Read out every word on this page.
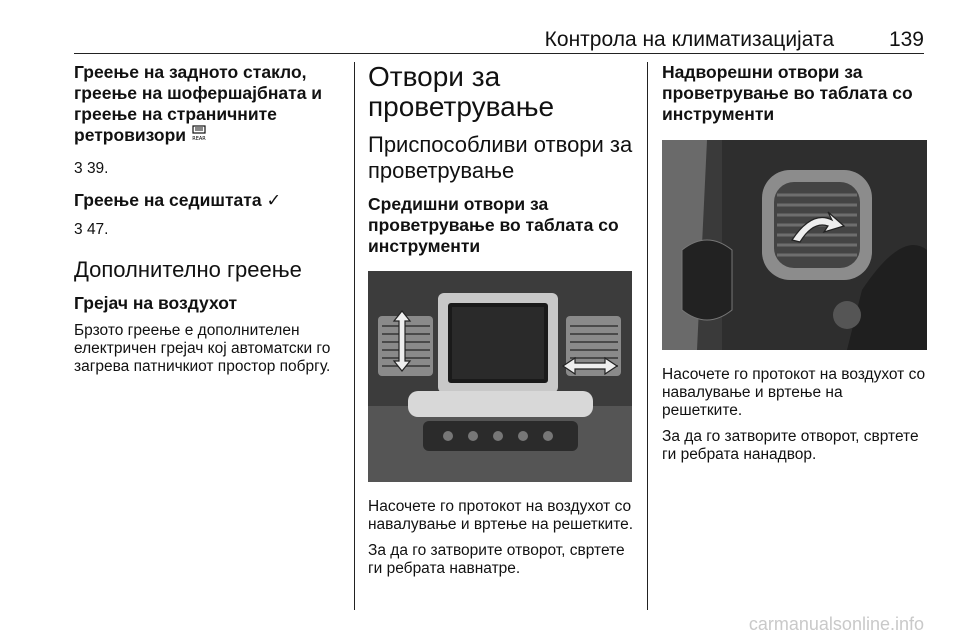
Контрола на климатизацијата	139
Греење на задното стакло, греење на шофершајбната и греење на страничните ретровизори REAR
3 39.
Греење на седиштата ✓
3 47.
Дополнително греење
Грејач на воздухот

Брзото греење е дополнителен електричен грејач кој автоматски го загрева патничкиот простор побргу.

Отвори за проветрување
Приспособливи отвори за проветрување
Средишни отвори за проветрување во таблата со инструменти

Насочете го протокот на воздухот со навалување и вртење на решетките.

За да го затворите отворот, свртете ги ребрата навнатре.

Надворешни отвори за проветрување во таблата со инструменти

Насочете го протокот на воздухот со навалување и вртење на решетките.

За да го затворите отворот, свртете ги ребрата нанадвор.

carmanualsonline.info
